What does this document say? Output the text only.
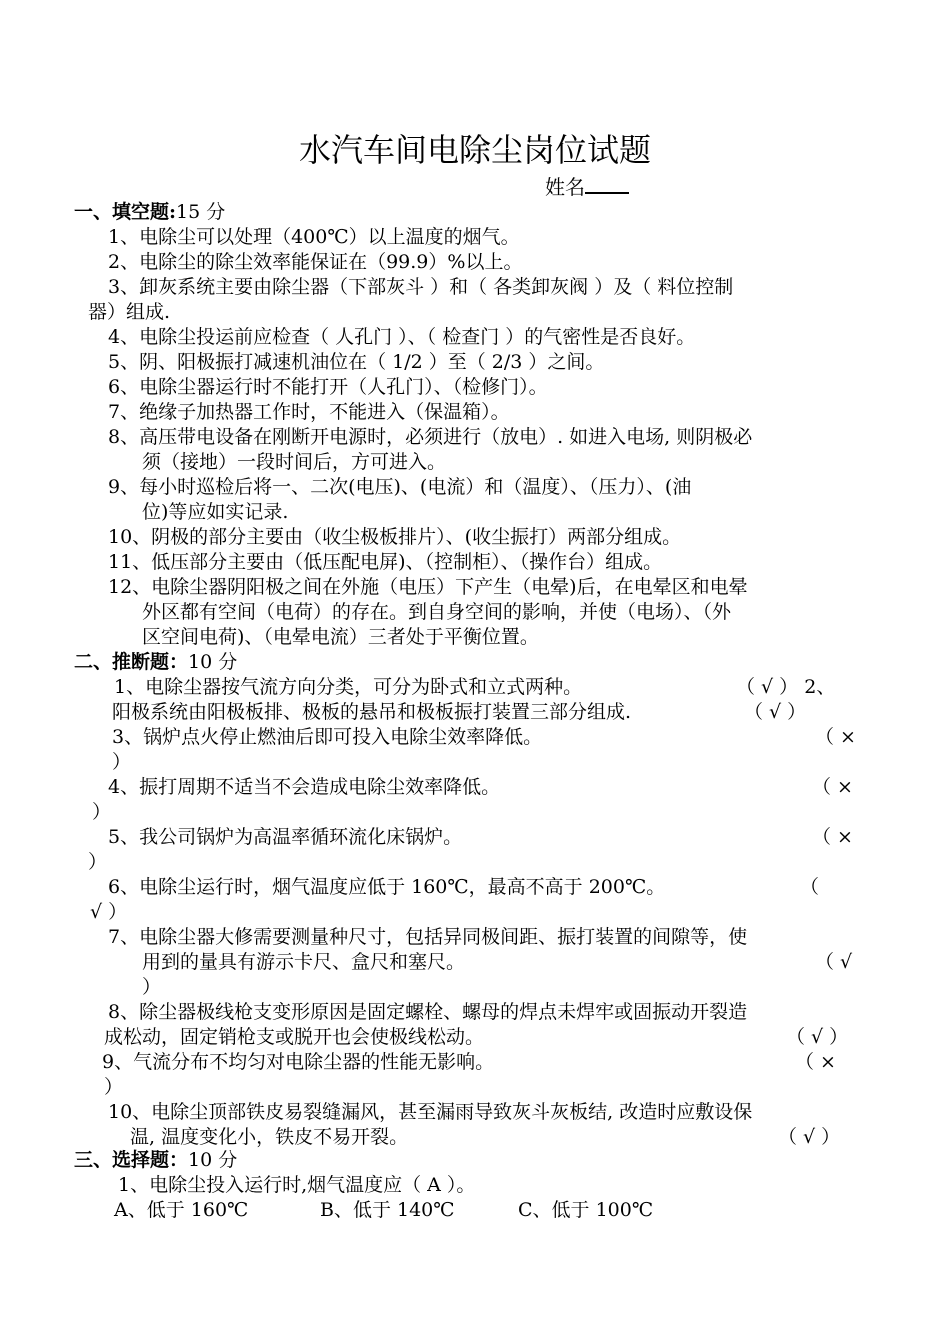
水汽车间电除尘岗位试题
姓名
一、填空题:15 分
1、电除尘可以处理（400℃）以上温度的烟气。
2、电除尘的除尘效率能保证在（99.9）%以上。
3、卸灰系统主要由除尘器（下部灰斗 ）和（ 各类卸灰阀 ）及（ 料位控制
器）组成.
4、电除尘投运前应检查（ 人孔门 ）、（ 检查门 ）的气密性是否良好。
5、阴、阳极振打减速机油位在（ 1/2 ）至（ 2/3 ）之间。
6、电除尘器运行时不能打开（人孔门）、（检修门）。
7、绝缘子加热器工作时，不能进入（保温箱）。
8、高压带电设备在刚断开电源时，必须进行（放电）. 如进入电场, 则阴极必
须（接地）一段时间后，方可进入。
9、每小时巡检后将一、二次(电压)、(电流）和（温度）、（压力）、(油
位)等应如实记录.
10、阴极的部分主要由（收尘极板排片）、(收尘振打）两部分组成。
11、低压部分主要由（低压配电屏)、（控制柜）、（操作台）组成。
12、电除尘器阴阳极之间在外施（电压）下产生（电晕)后，在电晕区和电晕
外区都有空间（电荷）的存在。到自身空间的影响，并使（电场）、（外
区空间电荷)、（电晕电流）三者处于平衡位置。
二、推断题：10 分
1、电除尘器按气流方向分类，可分为卧式和立式两种。	（ √ ） 2、
阳极系统由阳极板排、极板的悬吊和极板振打装置三部分组成.	（ √ ）
3、锅炉点火停止燃油后即可投入电除尘效率降低。	（ ×
）
4、振打周期不适当不会造成电除尘效率降低。	（ ×
）
5、我公司锅炉为高温率循环流化床锅炉。	（ ×
）
6、电除尘运行时，烟气温度应低于 160℃，最高不高于 200℃。	（
√ ）
7、电除尘器大修需要测量种尺寸，包括异同极间距、振打装置的间隙等，使
用到的量具有游示卡尺、盒尺和塞尺。	（ √
）
8、除尘器极线枪支变形原因是固定螺栓、螺母的焊点未焊牢或固振动开裂造
成松动，固定销枪支或脱开也会使极线松动。	（ √ ）
9、气流分布不均匀对电除尘器的性能无影响。	（ ×
）
10、电除尘顶部铁皮易裂缝漏风，甚至漏雨导致灰斗灰板结, 改造时应敷设保
温, 温度变化小，铁皮不易开裂。	（ √ ）
三、选择题：10 分
1、电除尘投入运行时,烟气温度应（ A ）。
A、低于 160℃	B、低于 140℃	C、低于 100℃
